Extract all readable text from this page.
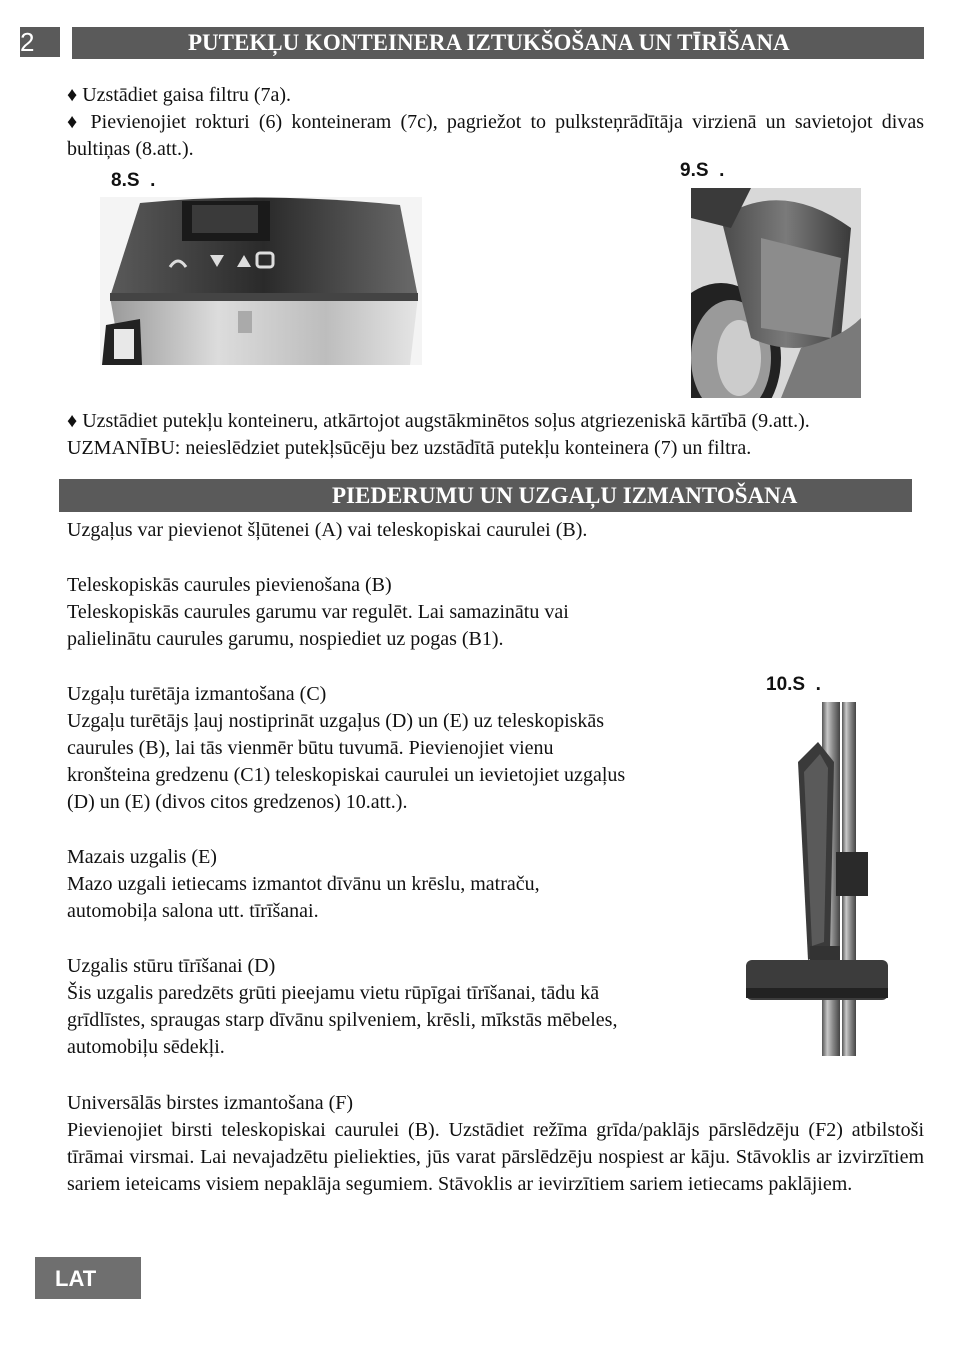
2	PUTEKĻU KONTEINERA IZTUKŠOŠANA UN TĪRĪŠANA
♦ Uzstādiet gaisa filtru (7a).
♦ Pievienojiet rokturi (6) konteineram (7c), pagriežot to pulksteņrādītāja virzienā un savietojot divas bultiņas (8.att.).
8.S  .	9.S  .
♦ Uzstādiet putekļu konteineru, atkārtojot augstākminētos soļus atgriezeniskā kārtībā (9.att.).
UZMANĪBU: neieslēdziet putekļsūcēju bez uzstādītā putekļu konteinera (7) un filtra.
PIEDERUMU UN UZGAĻU IZMANTOŠANA
Uzgaļus var pievienot šļūtenei (A) vai teleskopiskai caurulei (B).
Teleskopiskās caurules pievienošana (B)
Teleskopiskās caurules garumu var regulēt. Lai samazinātu vai
palielinātu caurules garumu, nospiediet uz pogas (B1).
Uzgaļu turētāja izmantošana (C)
Uzgaļu turētājs ļauj nostiprināt uzgaļus (D) un (E) uz teleskopiskās
caurules (B), lai tās vienmēr būtu tuvumā. Pievienojiet vienu
kronšteina gredzenu (C1) teleskopiskai caurulei un ievietojiet uzgaļus
(D) un (E) (divos citos gredzenos) 10.att.).
10.S  .
Mazais uzgalis (E)
Mazo uzgali ietiecams izmantot dīvānu un krēslu, matraču,
automobiļa salona utt. tīrīšanai.
Uzgalis stūru tīrīšanai (D)
Šis uzgalis paredzēts grūti pieejamu vietu rūpīgai tīrīšanai, tādu kā
grīdlīstes, spraugas starp dīvānu spilveniem, krēsli, mīkstās mēbeles,
automobiļu sēdekļi.
Universālās birstes izmantošana (F)
Pievienojiet birsti teleskopiskai caurulei (B). Uzstādiet režīma grīda/paklājs pārslēdzēju (F2) atbilstoši tīrāmai virsmai. Lai nevajadzētu pieliekties, jūs varat pārslēdzēju nospiest ar kāju. Stāvoklis ar izvirzītiem sariem ieteicams visiem nepaklāja segumiem. Stāvoklis ar ievirzītiem sariem ietiecams paklājiem.
LAT
